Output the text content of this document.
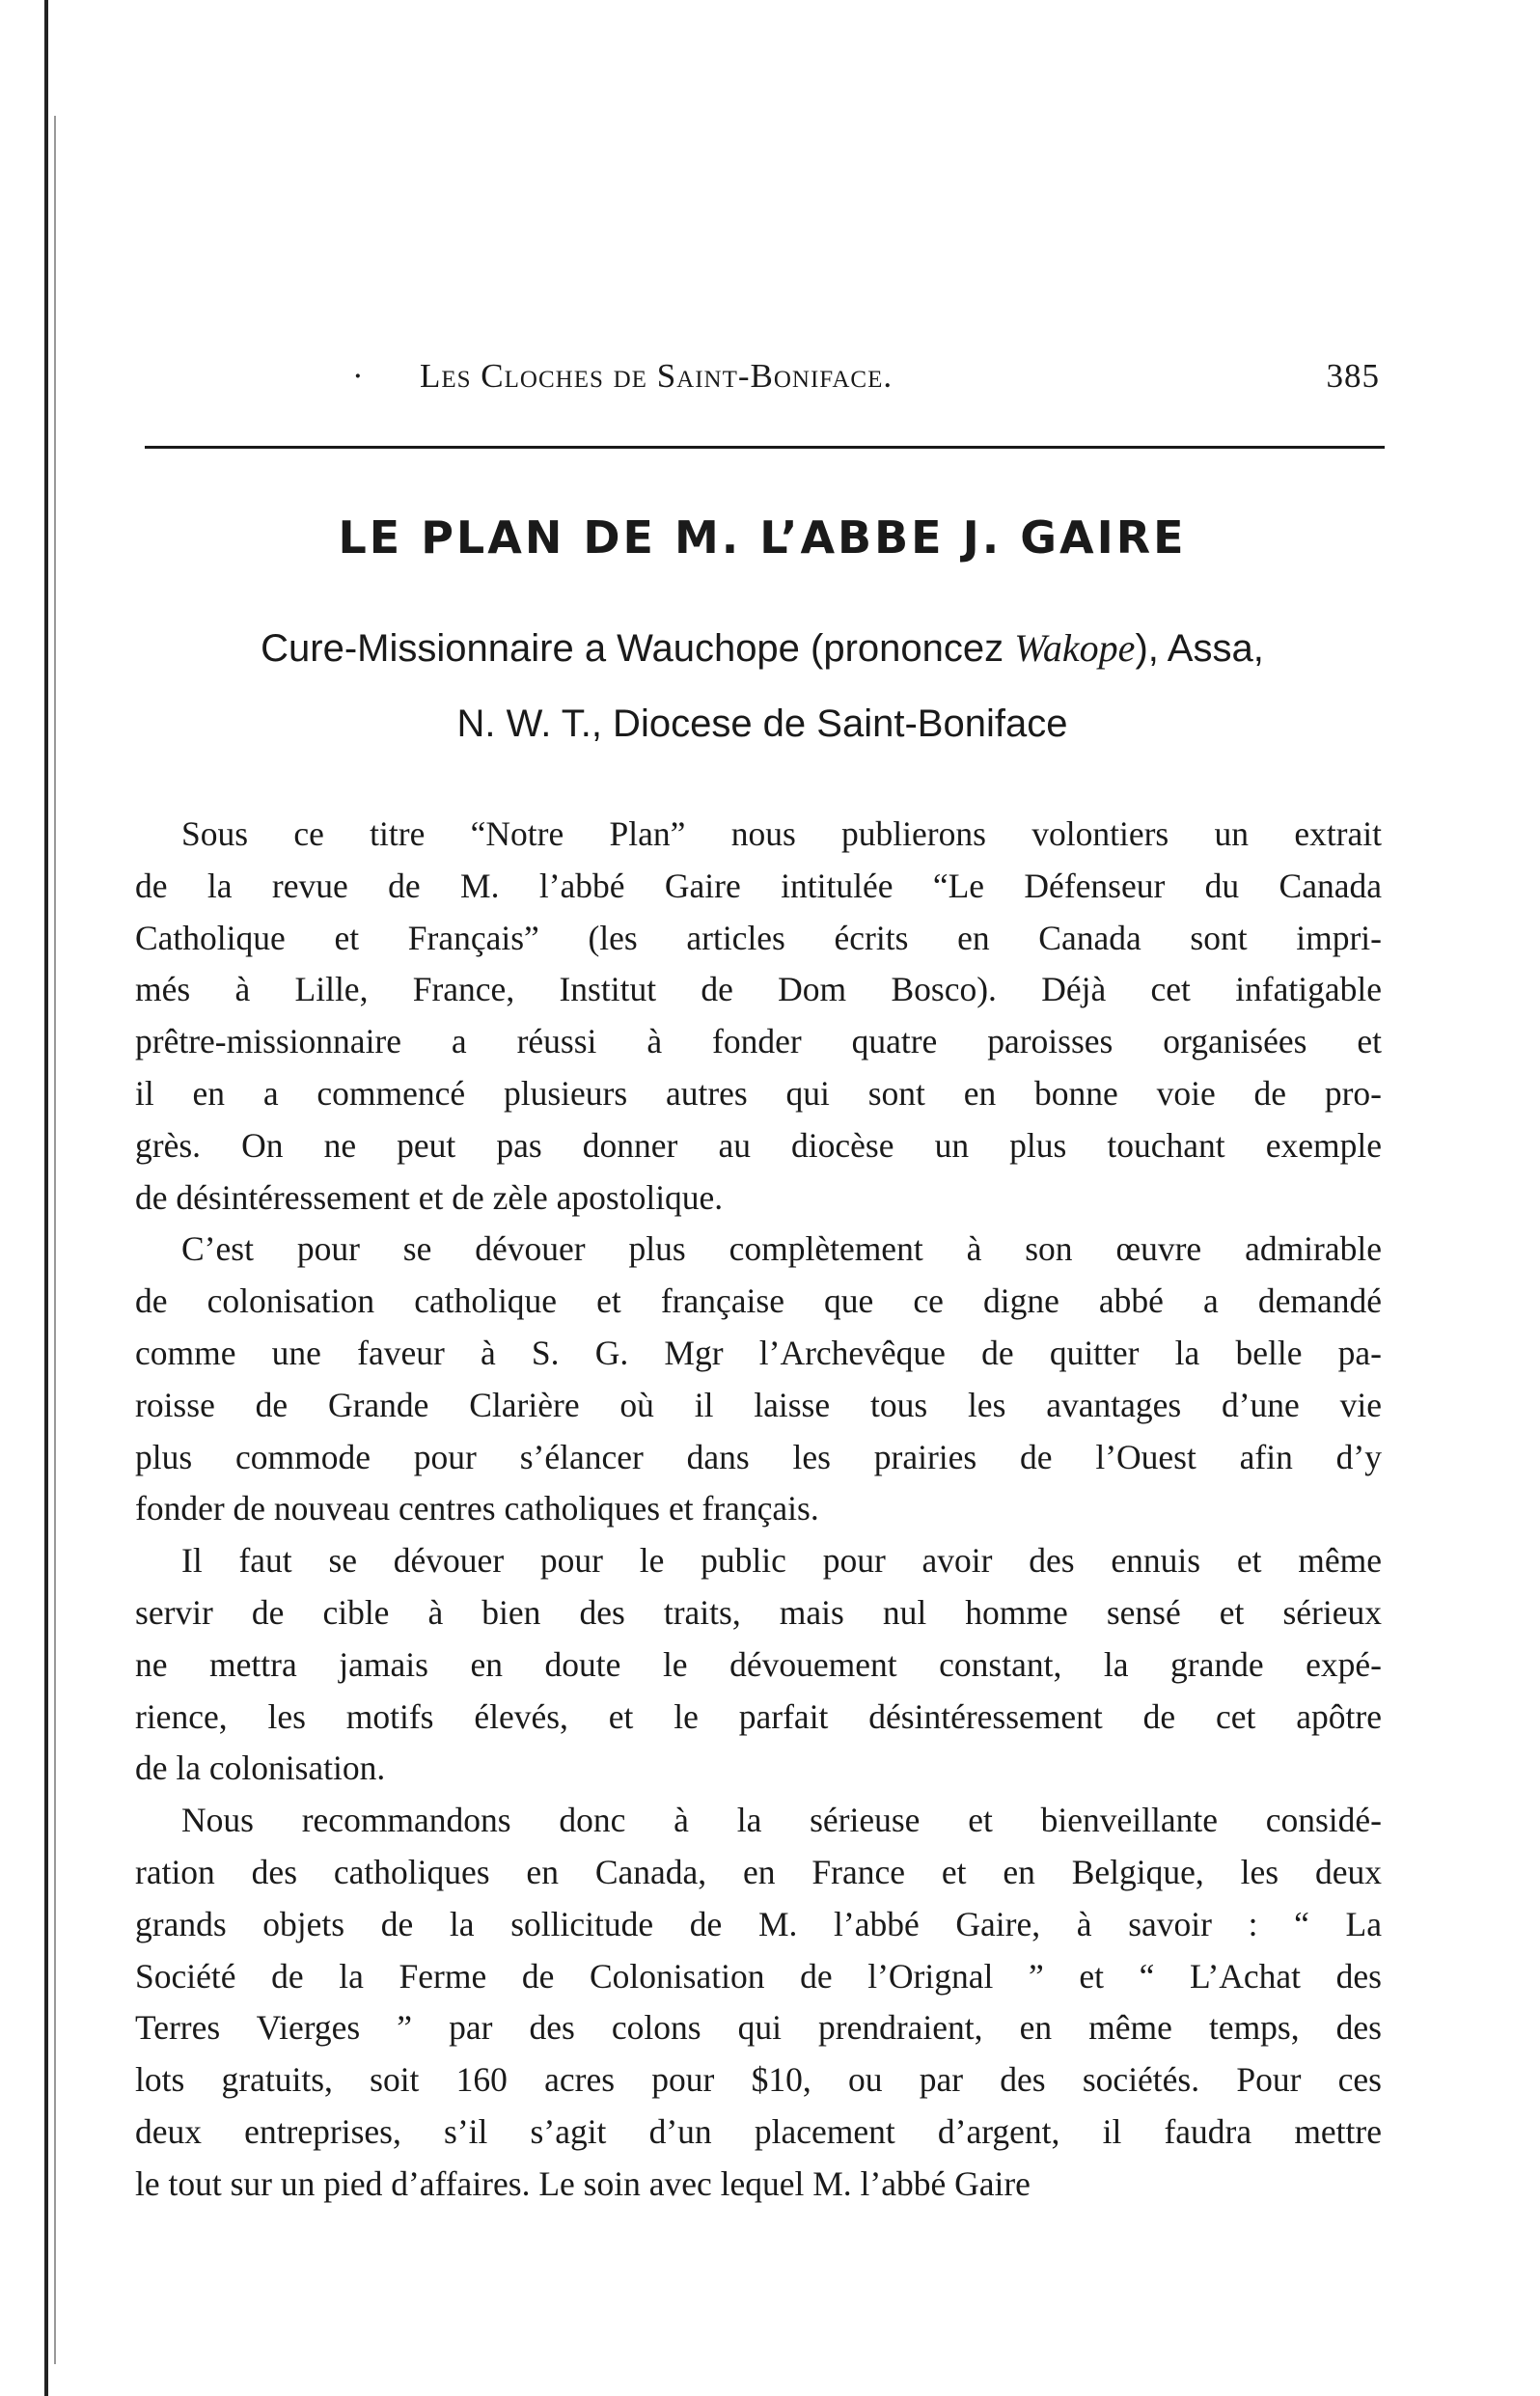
· Les Cloches de Saint-Boniface.	385
LE PLAN DE M. L’ABBE J. GAIRE
Cure-Missionnaire a Wauchope (prononcez Wakope), Assa,
N. W. T., Diocese de Saint-Boniface
Sous ce titre “Notre Plan” nous publierons volontiers un extrait
de la revue de M. l’abbé Gaire intitulée “Le Défenseur du Canada
Catholique et Français” (les articles écrits en Canada sont impri-
més à Lille, France, Institut de Dom Bosco). Déjà cet infatigable
prêtre-missionnaire a réussi à fonder quatre paroisses organisées et
il en a commencé plusieurs autres qui sont en bonne voie de pro-
grès. On ne peut pas donner au diocèse un plus touchant exemple
de désintéressement et de zèle apostolique.
C’est pour se dévouer plus complètement à son œuvre admirable
de colonisation catholique et française que ce digne abbé a demandé
comme une faveur à S. G. Mgr l’Archevêque de quitter la belle pa-
roisse de Grande Clarière où il laisse tous les avantages d’une vie
plus commode pour s’élancer dans les prairies de l’Ouest afin d’y
fonder de nouveau centres catholiques et français.
Il faut se dévouer pour le public pour avoir des ennuis et même
servir de cible à bien des traits, mais nul homme sensé et sérieux
ne mettra jamais en doute le dévouement constant, la grande expé-
rience, les motifs élevés, et le parfait désintéressement de cet apôtre
de la colonisation.
Nous recommandons donc à la sérieuse et bienveillante considé-
ration des catholiques en Canada, en France et en Belgique, les deux
grands objets de la sollicitude de M. l’abbé Gaire, à savoir : “ La
Société de la Ferme de Colonisation de l’Orignal ” et “ L’Achat des
Terres Vierges ” par des colons qui prendraient, en même temps, des
lots gratuits, soit 160 acres pour $10, ou par des sociétés. Pour ces
deux entreprises, s’il s’agit d’un placement d’argent, il faudra mettre
le tout sur un pied d’affaires. Le soin avec lequel M. l’abbé Gaire
